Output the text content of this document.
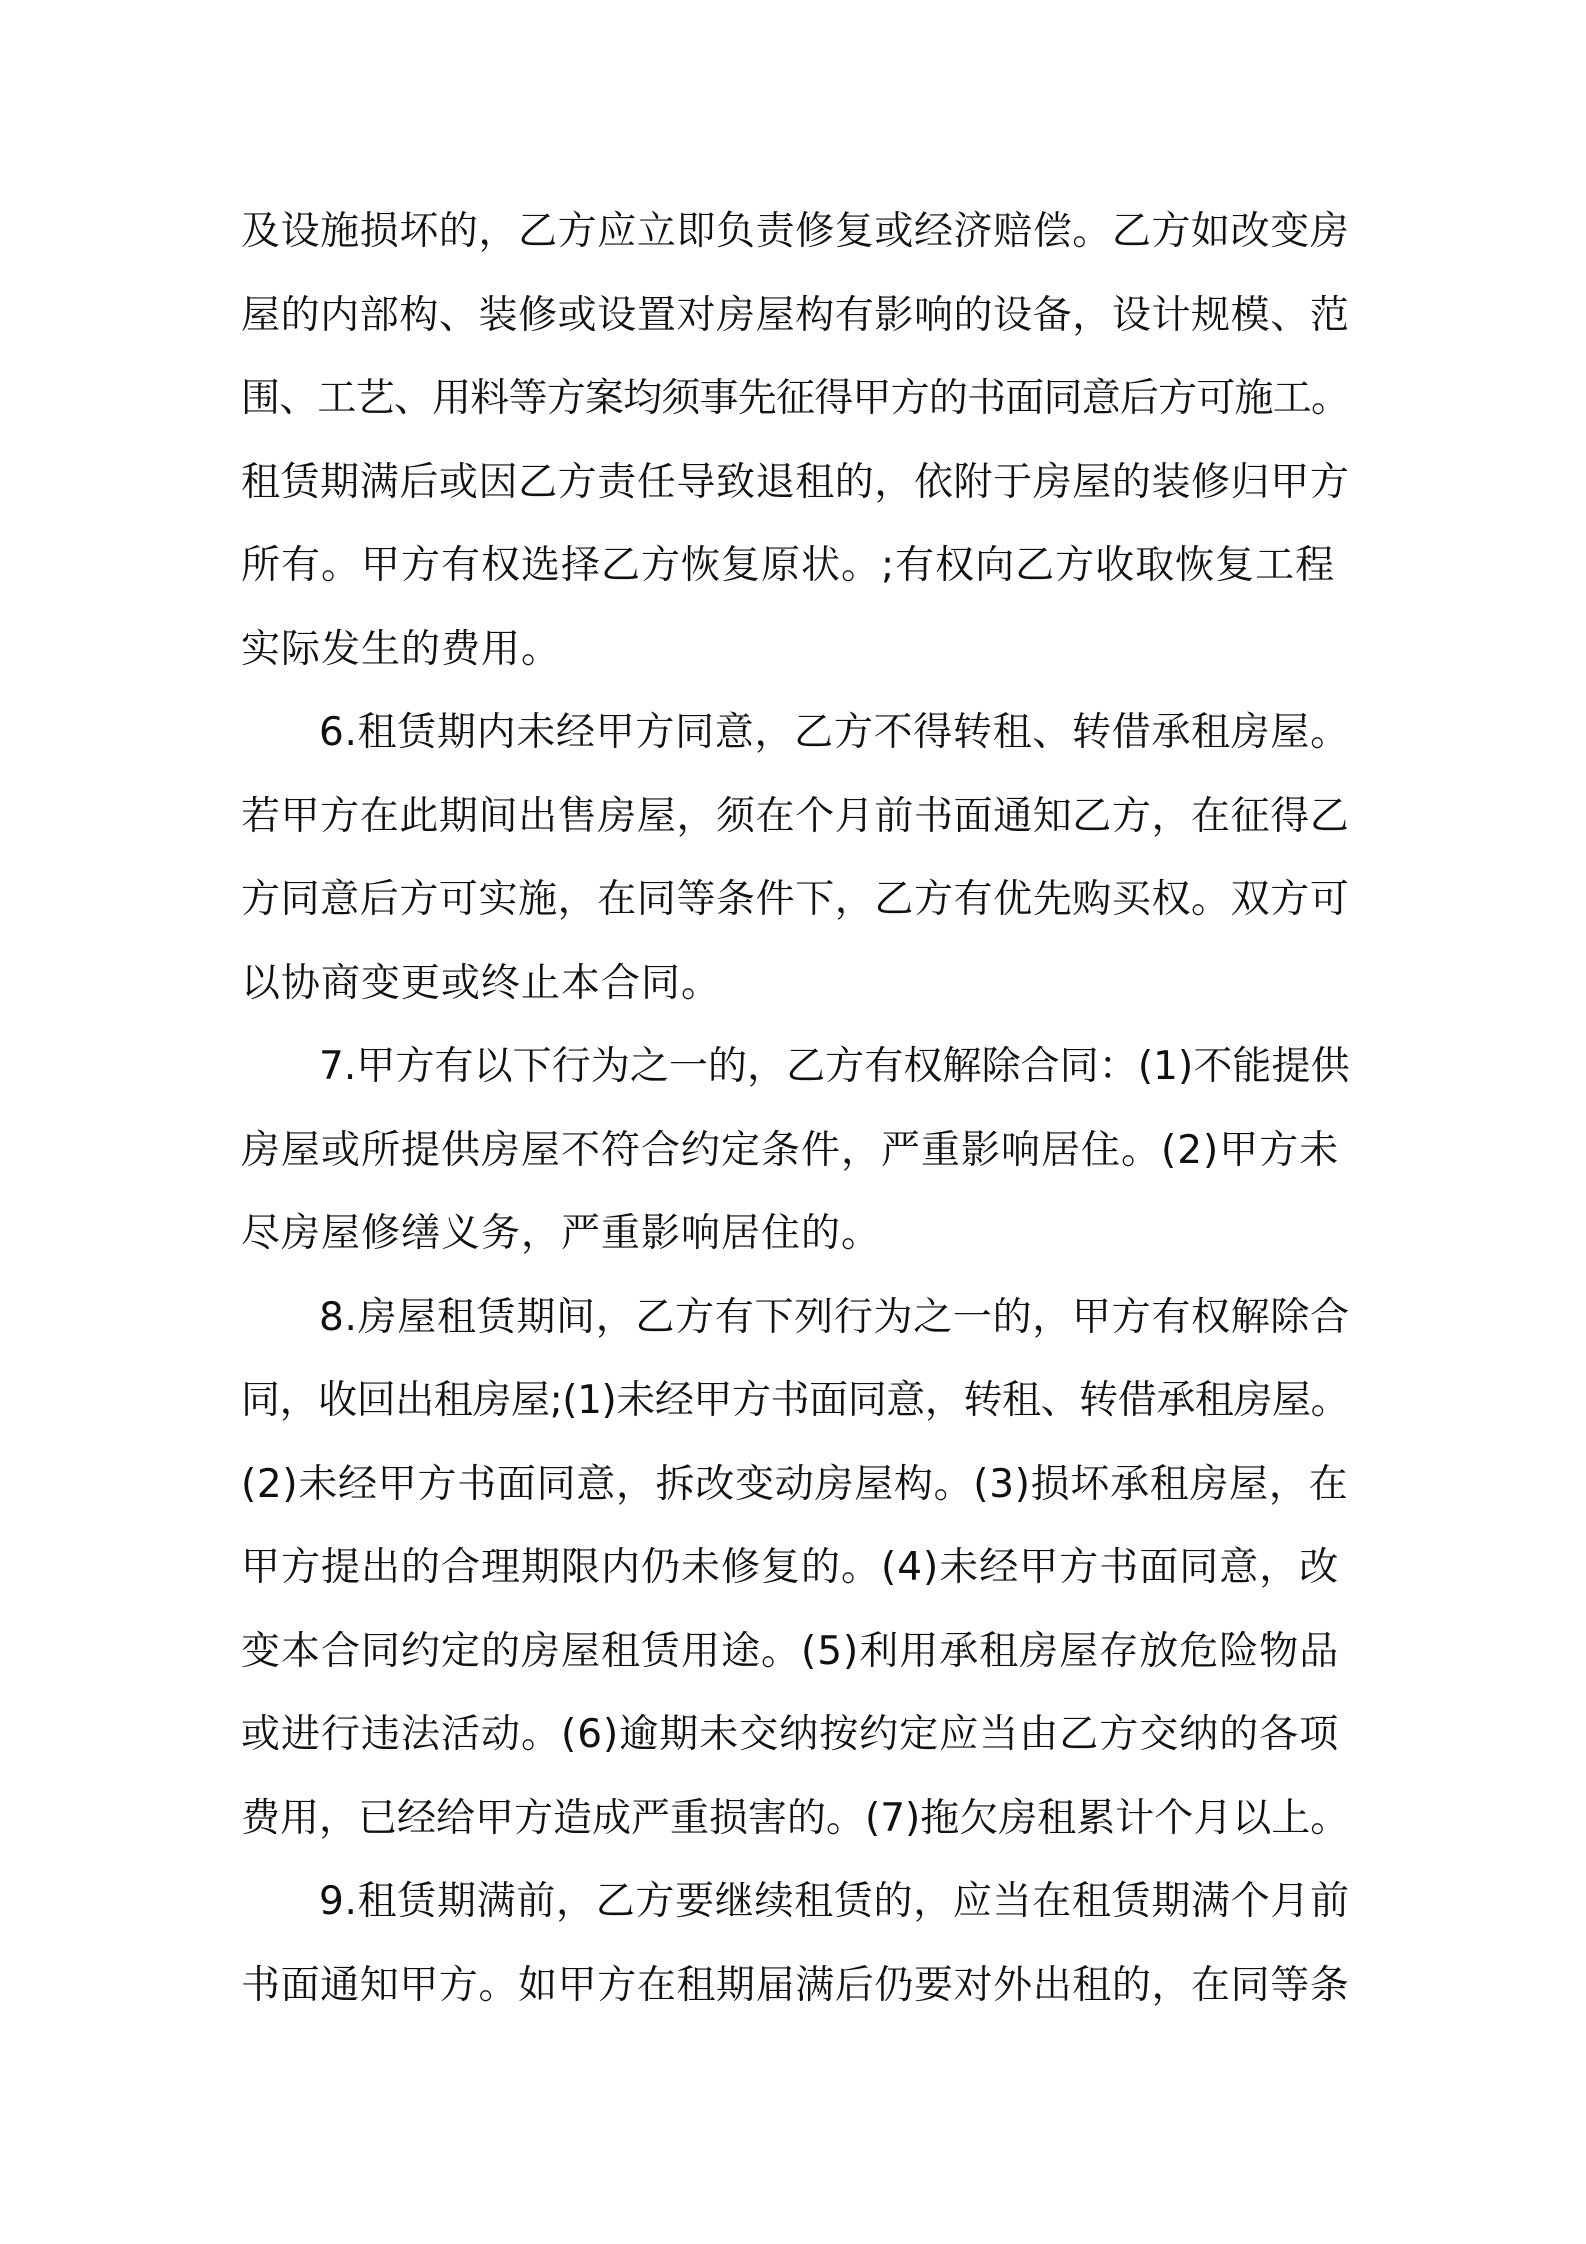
及设施损坏的，乙方应立即负责修复或经济赔偿。乙方如改变房
屋的内部构、装修或设置对房屋构有影响的设备，设计规模、范
围、工艺、用料等方案均须事先征得甲方的书面同意后方可施工。
租赁期满后或因乙方责任导致退租的，依附于房屋的装修归甲方
所有。甲方有权选择乙方恢复原状。;有权向乙方收取恢复工程
实际发生的费用。
6.租赁期内未经甲方同意，乙方不得转租、转借承租房屋。
若甲方在此期间出售房屋，须在个月前书面通知乙方，在征得乙
方同意后方可实施，在同等条件下，乙方有优先购买权。双方可
以协商变更或终止本合同。
7.甲方有以下行为之一的，乙方有权解除合同：(1)不能提供
房屋或所提供房屋不符合约定条件，严重影响居住。(2)甲方未
尽房屋修缮义务，严重影响居住的。
8.房屋租赁期间，乙方有下列行为之一的，甲方有权解除合
同，收回出租房屋;(1)未经甲方书面同意，转租、转借承租房屋。
(2)未经甲方书面同意，拆改变动房屋构。(3)损坏承租房屋，在
甲方提出的合理期限内仍未修复的。(4)未经甲方书面同意，改
变本合同约定的房屋租赁用途。(5)利用承租房屋存放危险物品
或进行违法活动。(6)逾期未交纳按约定应当由乙方交纳的各项
费用，已经给甲方造成严重损害的。(7)拖欠房租累计个月以上。
9.租赁期满前，乙方要继续租赁的，应当在租赁期满个月前
书面通知甲方。如甲方在租期届满后仍要对外出租的，在同等条
